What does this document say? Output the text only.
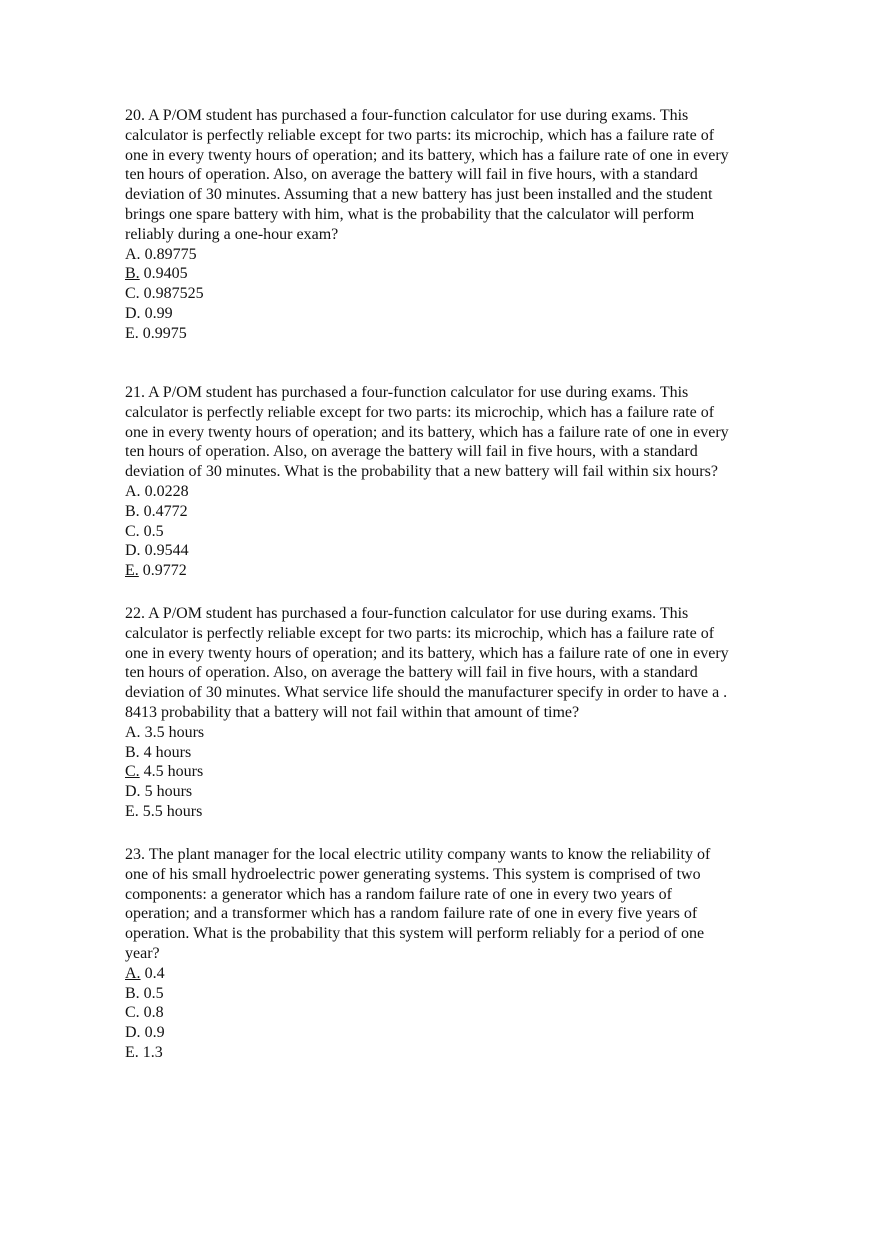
20. A P/OM student has purchased a four-function calculator for use during exams. This
calculator is perfectly reliable except for two parts: its microchip, which has a failure rate of
one in every twenty hours of operation; and its battery, which has a failure rate of one in every
ten hours of operation. Also, on average the battery will fail in five hours, with a standard
deviation of 30 minutes. Assuming that a new battery has just been installed and the student
brings one spare battery with him, what is the probability that the calculator will perform
reliably during a one-hour exam?

A. 0.89775
B. 0.9405
C. 0.987525
D. 0.99
E. 0.9975

21. A P/OM student has purchased a four-function calculator for use during exams. This
calculator is perfectly reliable except for two parts: its microchip, which has a failure rate of
one in every twenty hours of operation; and its battery, which has a failure rate of one in every
ten hours of operation. Also, on average the battery will fail in five hours, with a standard
deviation of 30 minutes. What is the probability that a new battery will fail within six hours?

A. 0.0228
B. 0.4772
C. 0.5
D. 0.9544
E. 0.9772

22. A P/OM student has purchased a four-function calculator for use during exams. This
calculator is perfectly reliable except for two parts: its microchip, which has a failure rate of
one in every twenty hours of operation; and its battery, which has a failure rate of one in every
ten hours of operation. Also, on average the battery will fail in five hours, with a standard
deviation of 30 minutes. What service life should the manufacturer specify in order to have a .
8413 probability that a battery will not fail within that amount of time?

A. 3.5 hours
B. 4 hours
C. 4.5 hours
D. 5 hours
E. 5.5 hours

23. The plant manager for the local electric utility company wants to know the reliability of
one of his small hydroelectric power generating systems. This system is comprised of two
components: a generator which has a random failure rate of one in every two years of
operation; and a transformer which has a random failure rate of one in every five years of
operation. What is the probability that this system will perform reliably for a period of one
year?

A. 0.4
B. 0.5
C. 0.8
D. 0.9
E. 1.3
